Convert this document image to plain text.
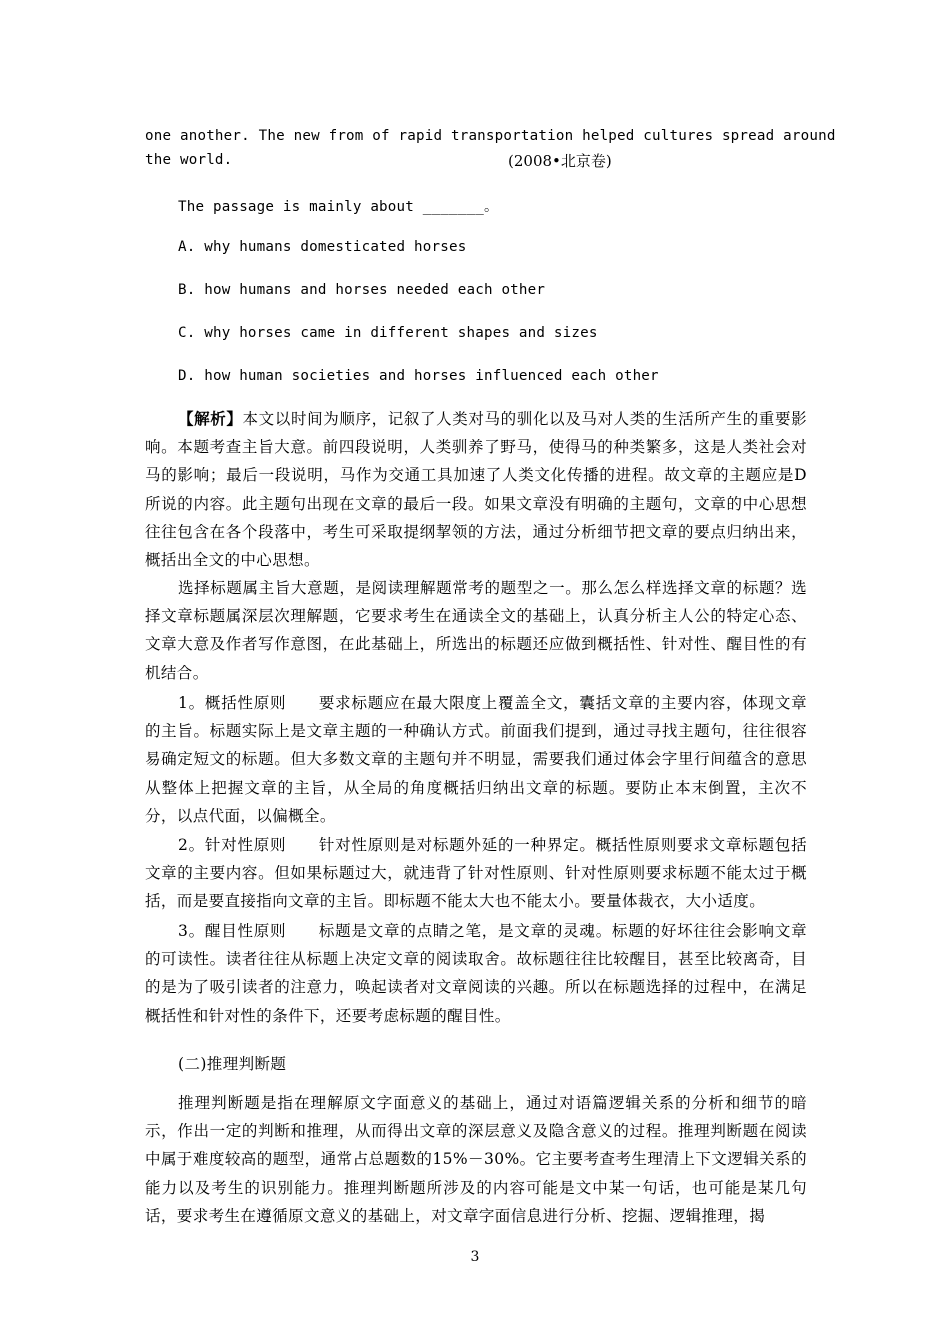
one another. The new from of rapid transportation helped cultures spread around
the world.	(2008•北京卷)
The passage is mainly about _______。
A. why humans domesticated horses
B. how humans and horses needed each other
C. why horses came in different shapes and sizes
D. how human societies and horses influenced each other

【解析】本文以时间为顺序，记叙了人类对马的驯化以及马对人类的生活所产生的重要影响。本题考查主旨大意。前四段说明，人类驯养了野马，使得马的种类繁多，这是人类社会对马的影响；最后一段说明，马作为交通工具加速了人类文化传播的进程。故文章的主题应是D所说的内容。此主题句出现在文章的最后一段。如果文章没有明确的主题句，文章的中心思想往往包含在各个段落中，考生可采取提纲挈领的方法，通过分析细节把文章的要点归纳出来，概括出全文的中心思想。

选择标题属主旨大意题，是阅读理解题常考的题型之一。那么怎么样选择文章的标题？选择文章标题属深层次理解题，它要求考生在通读全文的基础上，认真分析主人公的特定心态、文章大意及作者写作意图，在此基础上，所选出的标题还应做到概括性、针对性、醒目性的有机结合。

1。概括性原则　　要求标题应在最大限度上覆盖全文，囊括文章的主要内容，体现文章的主旨。标题实际上是文章主题的一种确认方式。前面我们提到，通过寻找主题句，往往很容易确定短文的标题。但大多数文章的主题句并不明显，需要我们通过体会字里行间蕴含的意思从整体上把握文章的主旨，从全局的角度概括归纳出文章的标题。要防止本末倒置，主次不分，以点代面，以偏概全。

2。针对性原则　　针对性原则是对标题外延的一种界定。概括性原则要求文章标题包括文章的主要内容。但如果标题过大，就违背了针对性原则、针对性原则要求标题不能太过于概括，而是要直接指向文章的主旨。即标题不能太大也不能太小。要量体裁衣，大小适度。

3。醒目性原则　　标题是文章的点睛之笔，是文章的灵魂。标题的好坏往往会影响文章的可读性。读者往往从标题上决定文章的阅读取舍。故标题往往比较醒目，甚至比较离奇，目的是为了吸引读者的注意力，唤起读者对文章阅读的兴趣。所以在标题选择的过程中，在满足概括性和针对性的条件下，还要考虑标题的醒目性。

(二)推理判断题

推理判断题是指在理解原文字面意义的基础上，通过对语篇逻辑关系的分析和细节的暗示，作出一定的判断和推理，从而得出文章的深层意义及隐含意义的过程。推理判断题在阅读中属于难度较高的题型，通常占总题数的15%－30%。它主要考查考生理清上下文逻辑关系的能力以及考生的识别能力。推理判断题所涉及的内容可能是文中某一句话，也可能是某几句话，要求考生在遵循原文意义的基础上，对文章字面信息进行分析、挖掘、逻辑推理，揭

3
